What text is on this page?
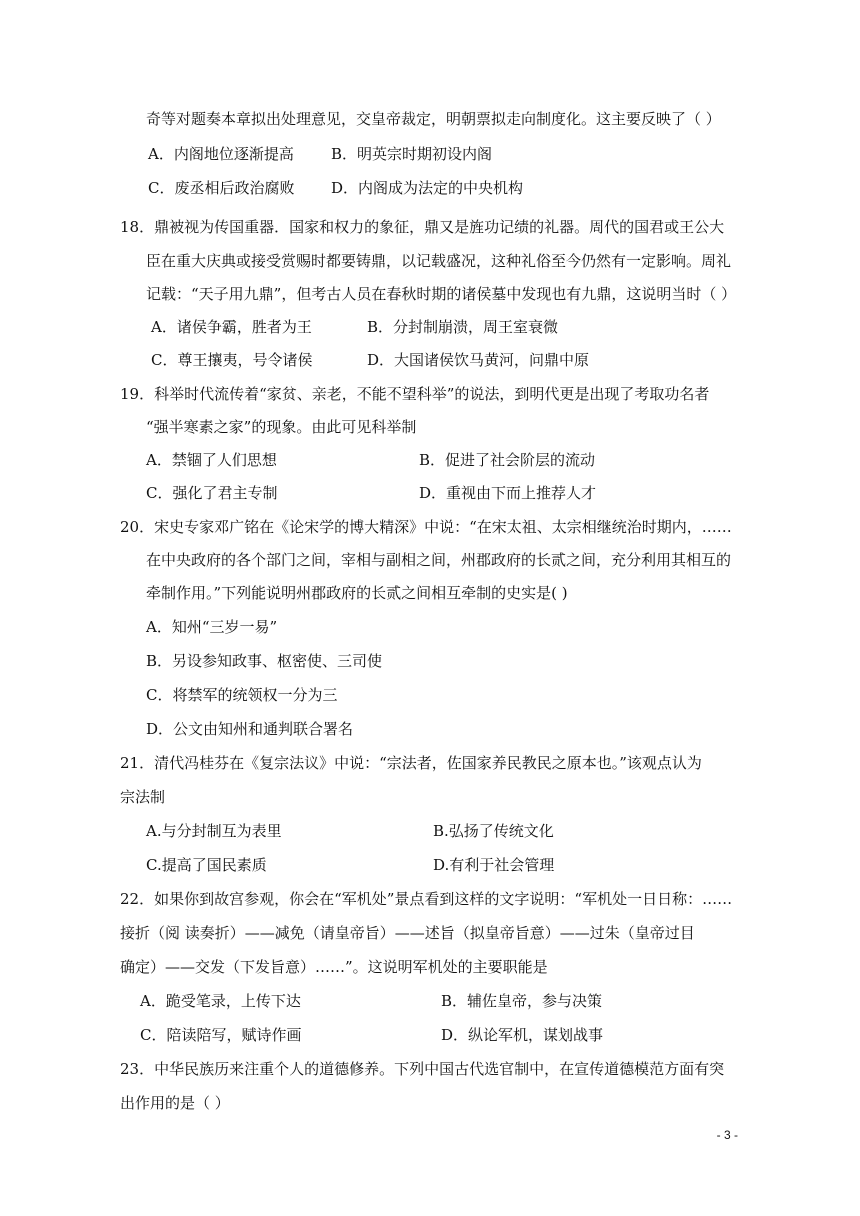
奇等对题奏本章拟出处理意见，交皇帝裁定，明朝票拟走向制度化。这主要反映了（ ）
A．内阁地位逐渐提高 B．明英宗时期初设内阁
C．废丞相后政治腐败 D．内阁成为法定的中央机构
18．鼎被视为传国重器．国家和权力的象征，鼎又是旌功记绩的礼器。周代的国君或王公大
臣在重大庆典或接受赏赐时都要铸鼎，以记载盛况，这种礼俗至今仍然有一定影响。周礼
记载：“天子用九鼎”，但考古人员在春秋时期的诸侯墓中发现也有九鼎，这说明当时（ ）
A．诸侯争霸，胜者为王	B．分封制崩溃，周王室衰微
C．尊王攘夷，号令诸侯	D．大国诸侯饮马黄河，问鼎中原
19．科举时代流传着“家贫、亲老，不能不望科举”的说法，到明代更是出现了考取功名者
“强半寒素之家”的现象。由此可见科举制
A．禁锢了人们思想	B．促进了社会阶层的流动
C．强化了君主专制	D．重视由下而上推荐人才
20．宋史专家邓广铭在《论宋学的博大精深》中说：“在宋太祖、太宗相继统治时期内，……
在中央政府的各个部门之间，宰相与副相之间，州郡政府的长贰之间，充分利用其相互的
牵制作用。”下列能说明州郡政府的长贰之间相互牵制的史实是( )
A．知州“三岁一易”
B．另设参知政事、枢密使、三司使
C．将禁军的统领权一分为三
D．公文由知州和通判联合署名
21．清代冯桂芬在《复宗法议》中说：“宗法者，佐国家养民教民之原本也。”该观点认为
宗法制
A.与分封制互为表里	B.弘扬了传统文化
C.提高了国民素质	D.有利于社会管理
22．如果你到故宫参观，你会在“军机处”景点看到这样的文字说明：“军机处一日日称：……
接折（阅 读奏折）——减免（请皇帝旨）——述旨（拟皇帝旨意）——过朱（皇帝过目
确定）——交发（下发旨意）……”。这说明军机处的主要职能是
A．跪受笔录，上传下达	B．辅佐皇帝，参与决策
C．陪读陪写，赋诗作画	D．纵论军机，谋划战事
23．中华民族历来注重个人的道德修养。下列中国古代选官制中，在宣传道德模范方面有突
出作用的是（ ）
- 3 -
